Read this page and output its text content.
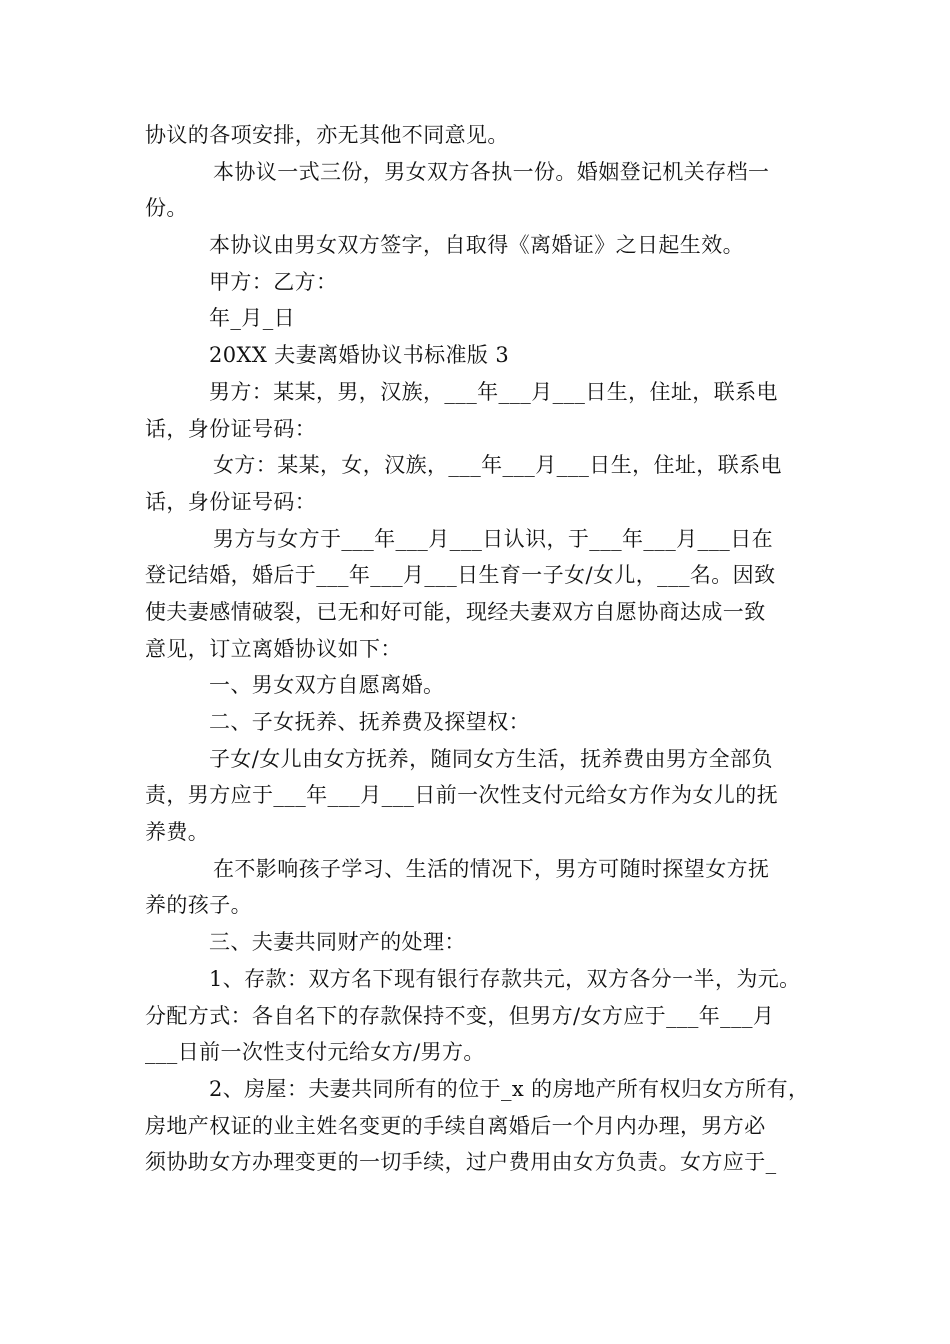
协议的各项安排，亦无其他不同意见。
本协议一式三份，男女双方各执一份。婚姻登记机关存档一
份。
本协议由男女双方签字，自取得《离婚证》之日起生效。
甲方：乙方：
年_月_日
20XX 夫妻离婚协议书标准版 3
男方：某某，男，汉族，___年___月___日生，住址，联系电
话，身份证号码：
女方：某某，女，汉族，___年___月___日生，住址，联系电
话，身份证号码：
男方与女方于___年___月___日认识，于___年___月___日在
登记结婚，婚后于___年___月___日生育一子女/女儿，___名。因致
使夫妻感情破裂，已无和好可能，现经夫妻双方自愿协商达成一致
意见，订立离婚协议如下：
一、男女双方自愿离婚。
二、子女抚养、抚养费及探望权：
子女/女儿由女方抚养，随同女方生活，抚养费由男方全部负
责，男方应于___年___月___日前一次性支付元给女方作为女儿的抚
养费。
在不影响孩子学习、生活的情况下，男方可随时探望女方抚
养的孩子。
三、夫妻共同财产的处理：
1、存款：双方名下现有银行存款共元，双方各分一半，为元。
分配方式：各自名下的存款保持不变，但男方/女方应于___年___月
___日前一次性支付元给女方/男方。
2、房屋：夫妻共同所有的位于_x 的房地产所有权归女方所有，
房地产权证的业主姓名变更的手续自离婚后一个月内办理，男方必
须协助女方办理变更的一切手续，过户费用由女方负责。女方应于_
